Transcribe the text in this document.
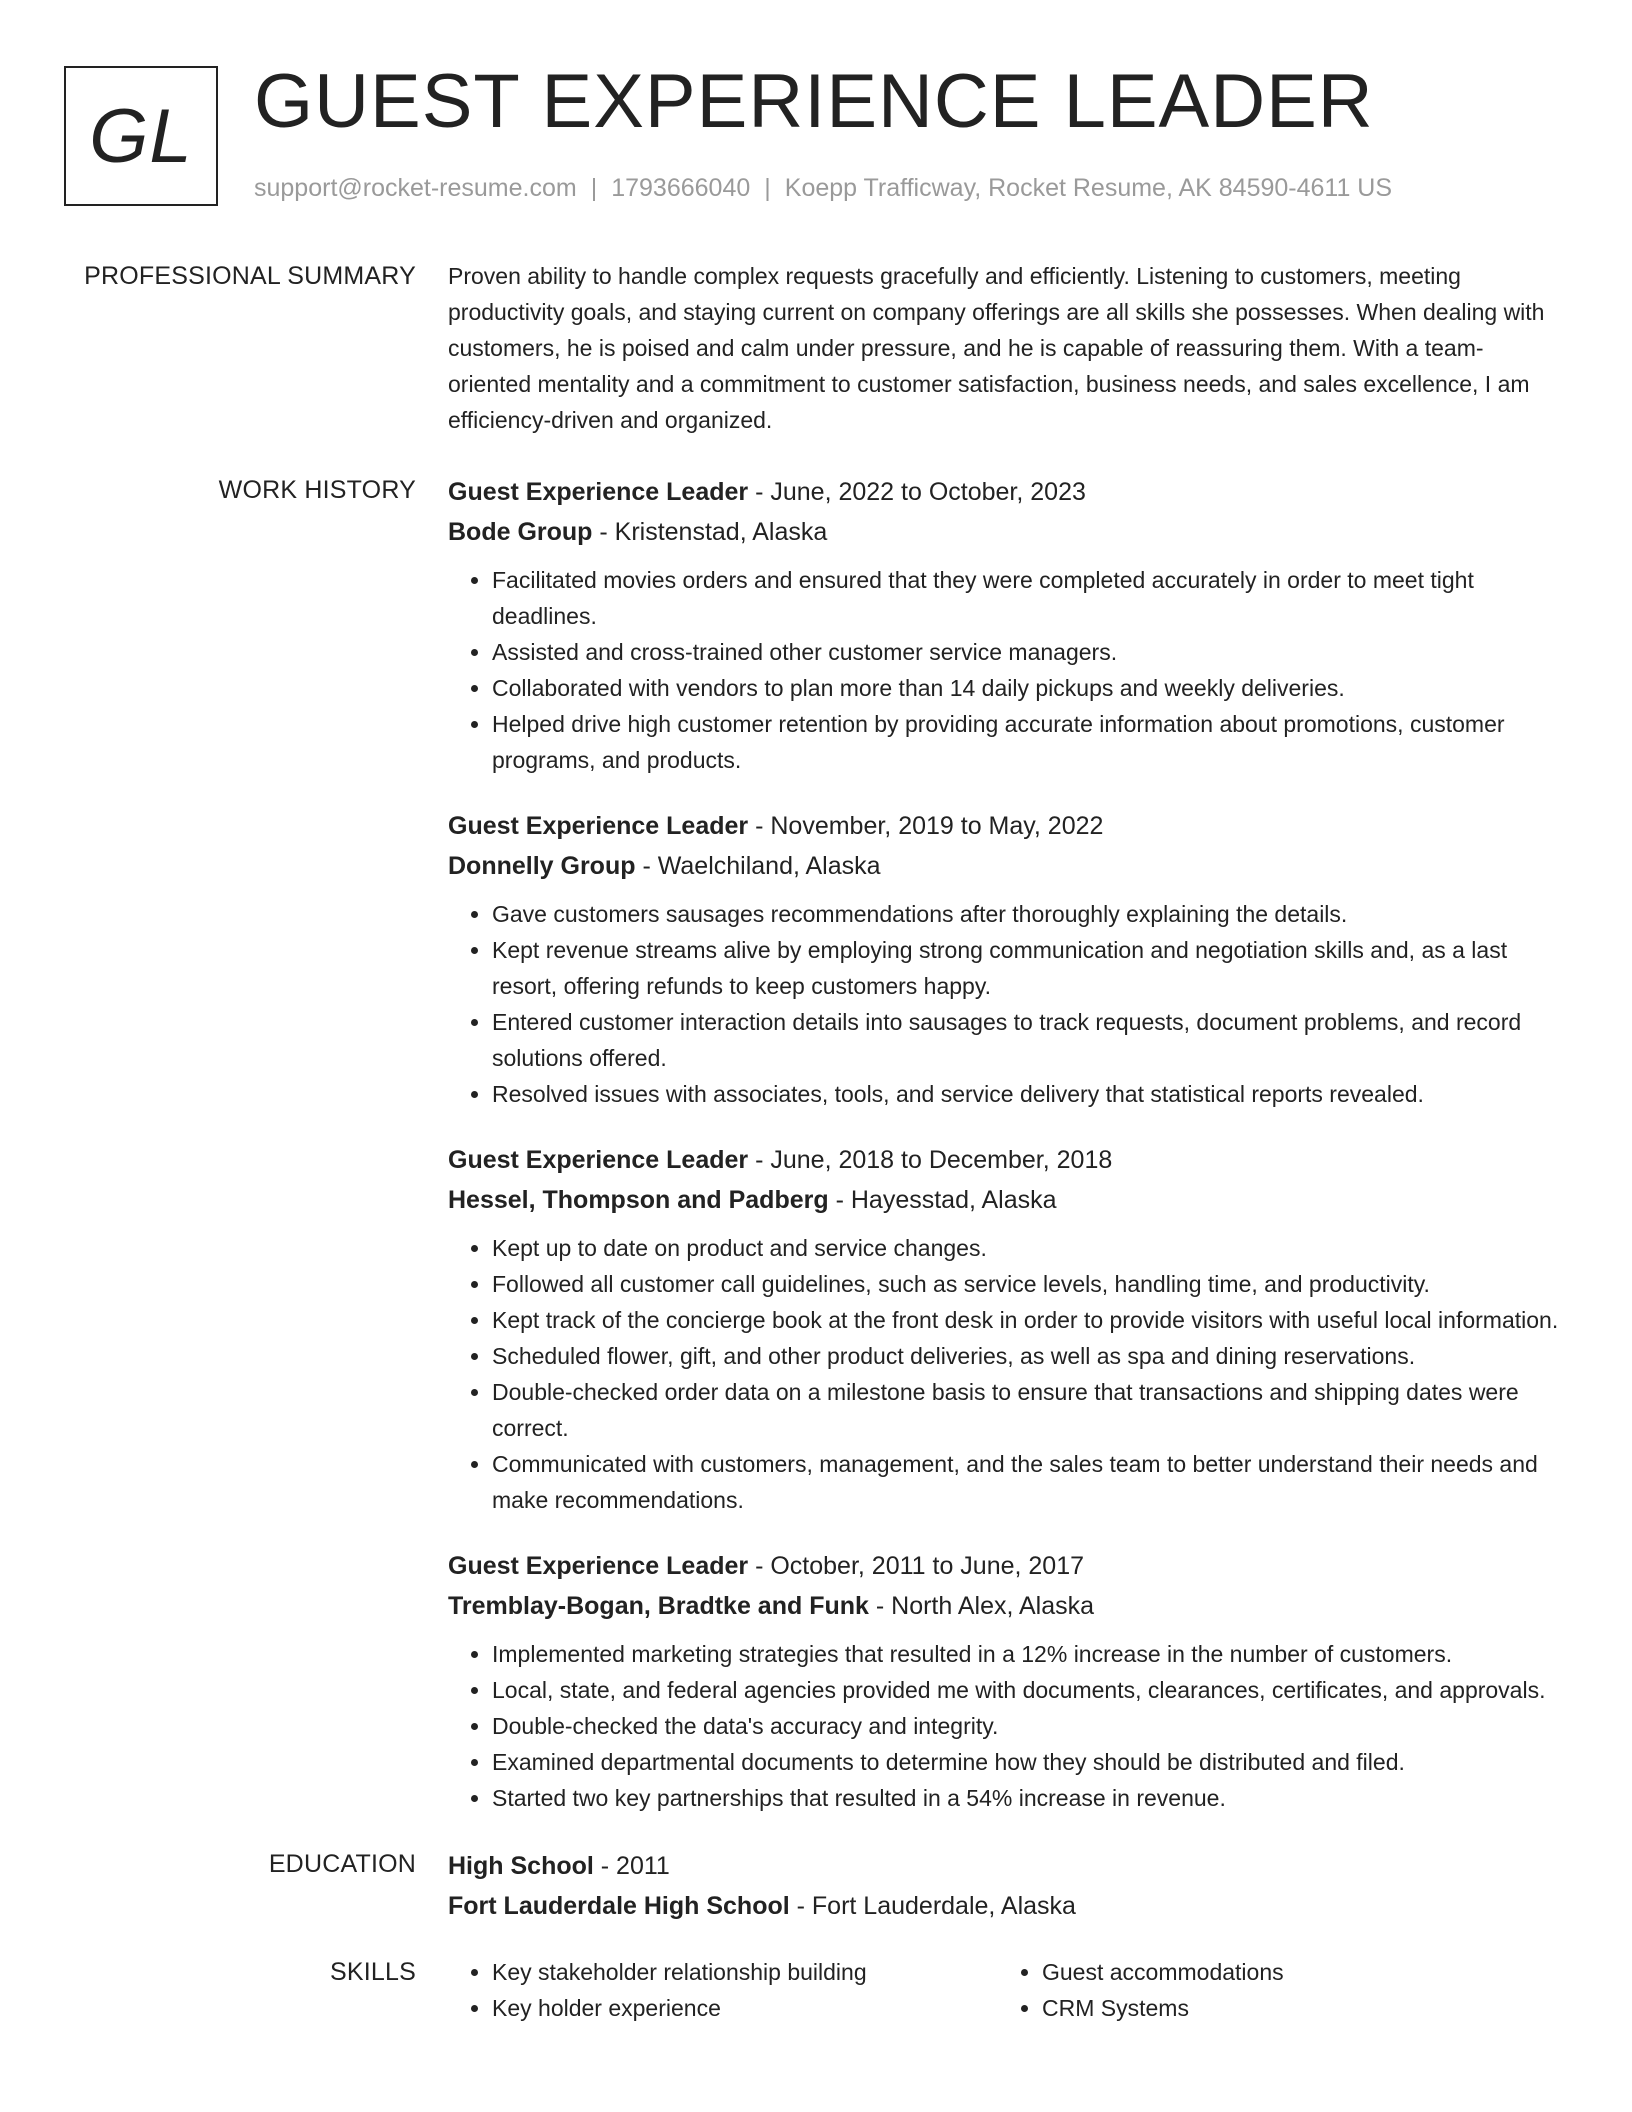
GL GUEST EXPERIENCE LEADER
support@rocket-resume.com | 1793666040 | Koepp Trafficway, Rocket Resume, AK 84590-4611 US
PROFESSIONAL SUMMARY Proven ability to handle complex requests gracefully and efficiently. Listening to customers, meeting productivity goals, and staying current on company offerings are all skills she possesses. When dealing with customers, he is poised and calm under pressure, and he is capable of reassuring them. With a team-oriented mentality and a commitment to customer satisfaction, business needs, and sales excellence, I am efficiency-driven and organized.

WORK HISTORY Guest Experience Leader - June, 2022 to October, 2023
Bode Group - Kristenstad, Alaska
• Facilitated movies orders and ensured that they were completed accurately in order to meet tight deadlines.
• Assisted and cross-trained other customer service managers.
• Collaborated with vendors to plan more than 14 daily pickups and weekly deliveries.
• Helped drive high customer retention by providing accurate information about promotions, customer programs, and products.
Guest Experience Leader - November, 2019 to May, 2022
Donnelly Group - Waelchiland, Alaska
• Gave customers sausages recommendations after thoroughly explaining the details.
• Kept revenue streams alive by employing strong communication and negotiation skills and, as a last resort, offering refunds to keep customers happy.
• Entered customer interaction details into sausages to track requests, document problems, and record solutions offered.
• Resolved issues with associates, tools, and service delivery that statistical reports revealed.
Guest Experience Leader - June, 2018 to December, 2018
Hessel, Thompson and Padberg - Hayesstad, Alaska
• Kept up to date on product and service changes.
• Followed all customer call guidelines, such as service levels, handling time, and productivity.
• Kept track of the concierge book at the front desk in order to provide visitors with useful local information.
• Scheduled flower, gift, and other product deliveries, as well as spa and dining reservations.
• Double-checked order data on a milestone basis to ensure that transactions and shipping dates were correct.
• Communicated with customers, management, and the sales team to better understand their needs and make recommendations.
Guest Experience Leader - October, 2011 to June, 2017
Tremblay-Bogan, Bradtke and Funk - North Alex, Alaska
• Implemented marketing strategies that resulted in a 12% increase in the number of customers.
• Local, state, and federal agencies provided me with documents, clearances, certificates, and approvals.
• Double-checked the data's accuracy and integrity.
• Examined departmental documents to determine how they should be distributed and filed.
• Started two key partnerships that resulted in a 54% increase in revenue.
EDUCATION High School - 2011
Fort Lauderdale High School - Fort Lauderdale, Alaska
SKILLS
•	Key stakeholder relationship building
• Key holder experience
• Guest accommodations
• CRM Systems
